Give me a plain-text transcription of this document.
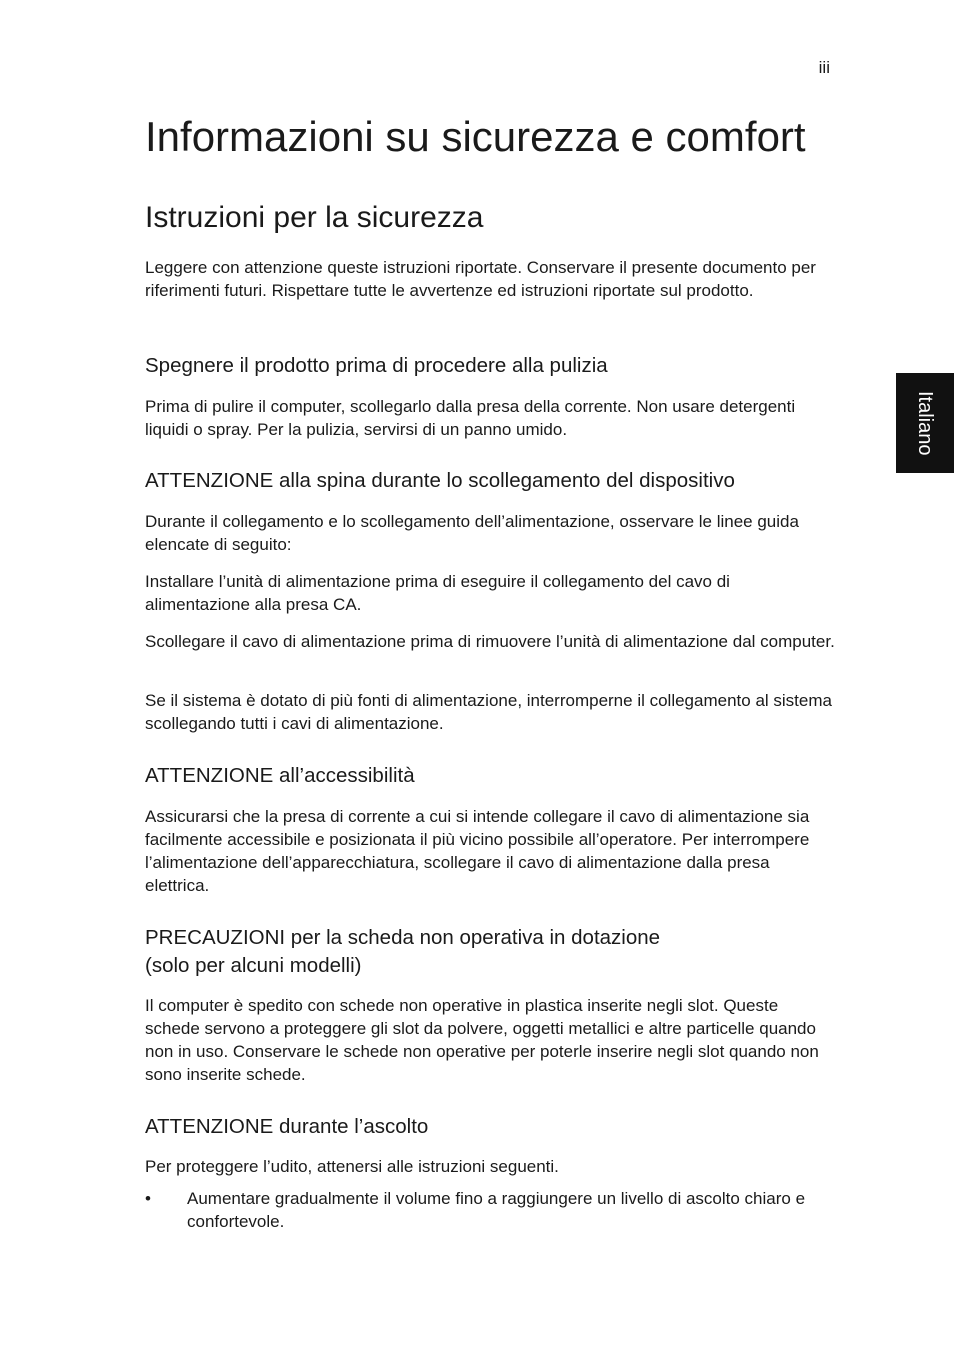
iii
Italiano
Informazioni su sicurezza e comfort
Istruzioni per la sicurezza

Leggere con attenzione queste istruzioni riportate. Conservare il presente documento per riferimenti futuri. Rispettare tutte le avvertenze ed istruzioni riportate sul prodotto.

Spegnere il prodotto prima di procedere alla pulizia

Prima di pulire il computer, scollegarlo dalla presa della corrente. Non usare detergenti liquidi o spray. Per la pulizia, servirsi di un panno umido.

ATTENZIONE alla spina durante lo scollegamento del dispositivo

Durante il collegamento e lo scollegamento dell’alimentazione, osservare le linee guida elencate di seguito:

Installare l’unità di alimentazione prima di eseguire il collegamento del cavo di alimentazione alla presa CA.

Scollegare il cavo di alimentazione prima di rimuovere l’unità di alimentazione dal computer.

Se il sistema è dotato di più fonti di alimentazione, interromperne il collegamento al sistema scollegando tutti i cavi di alimentazione.

ATTENZIONE all’accessibilità

Assicurarsi che la presa di corrente a cui si intende collegare il cavo di alimentazione sia facilmente accessibile e posizionata il più vicino possibile all’operatore. Per interrompere l’alimentazione dell’apparecchiatura, scollegare il cavo di alimentazione dalla presa elettrica.

PRECAUZIONI per la scheda non operativa in dotazione
(solo per alcuni modelli)

Il computer è spedito con schede non operative in plastica inserite negli slot. Queste schede servono a proteggere gli slot da polvere, oggetti metallici e altre particelle quando non in uso. Conservare le schede non operative per poterle inserire negli slot quando non sono inserite schede.

ATTENZIONE durante l’ascolto

Per proteggere l’udito, attenersi alle istruzioni seguenti.

• Aumentare gradualmente il volume fino a raggiungere un livello di ascolto chiaro e confortevole.
